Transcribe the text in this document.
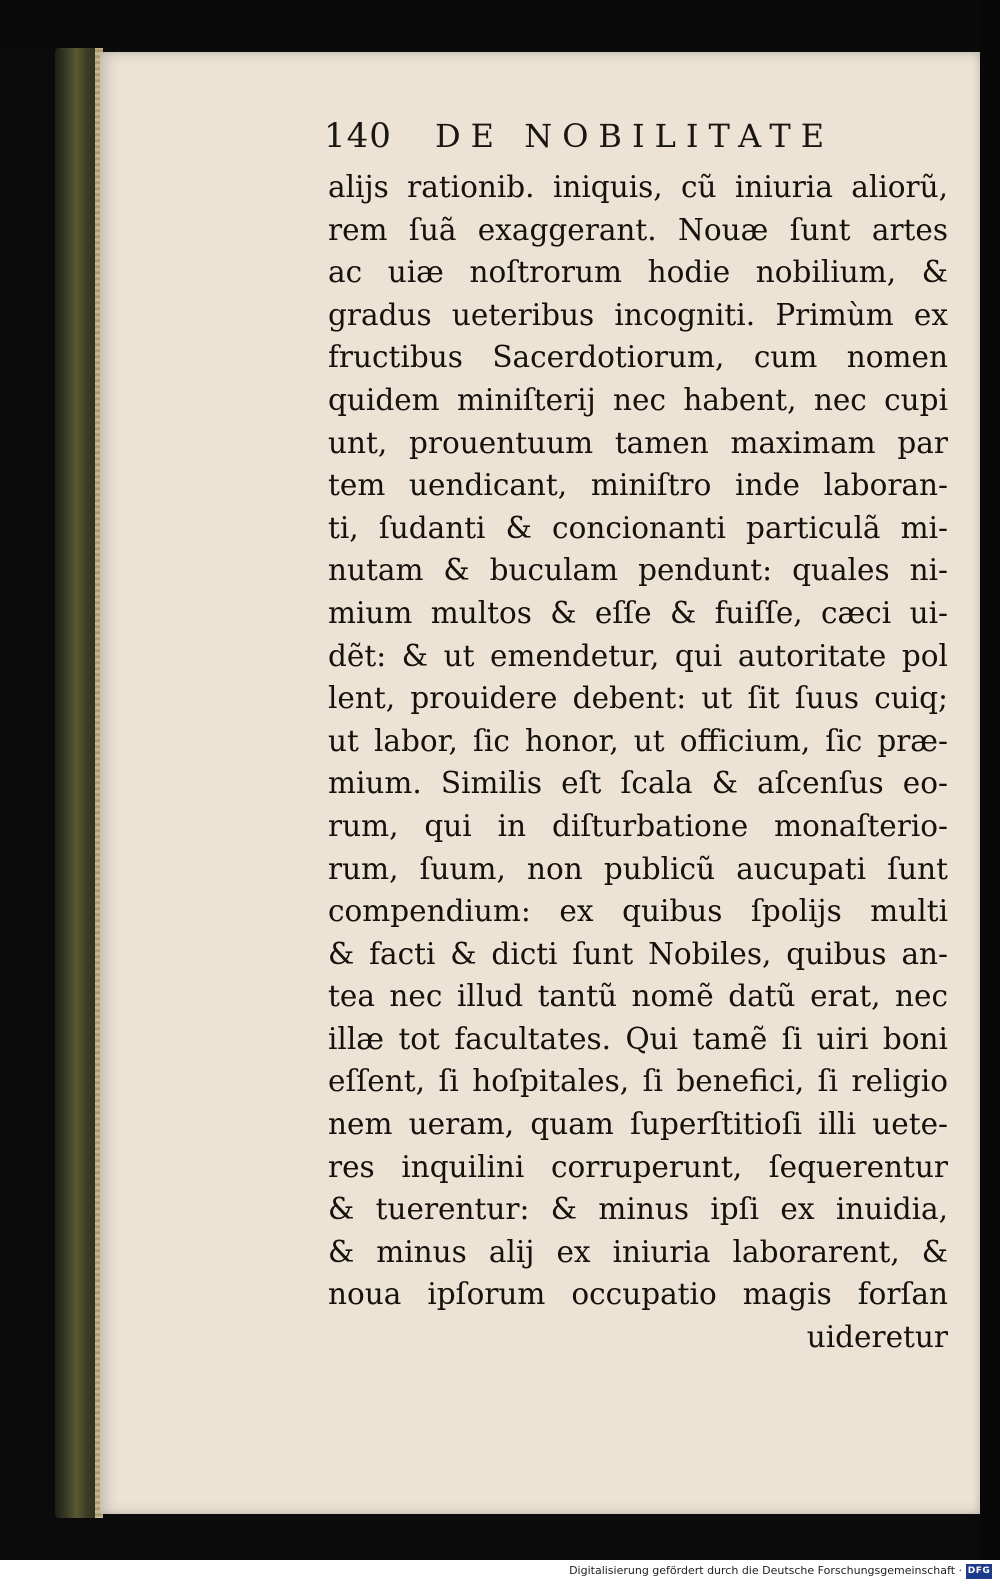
140 DE NOBILITATE
alijs rationib. iniquis, cũ iniuria aliorũ,
rem ſuã exaggerant. Nouæ ſunt artes
ac uiæ noſtrorum hodie nobilium, &
gradus ueteribus incogniti. Primùm ex
fructibus Sacerdotiorum, cum nomen
quidem miniſterij nec habent, nec cupi
unt, prouentuum tamen maximam par
tem uendicant, miniſtro inde laboran-
ti, ſudanti & concionanti particulã mi-
nutam & buculam pendunt: quales ni-
mium multos & eſſe & fuiſſe, cæci ui-
dẽt: & ut emendetur, qui autoritate pol
lent, prouidere debent: ut ſit ſuus cuiq;
ut labor, ſic honor, ut officium, ſic præ-
mium. Similis eſt ſcala & aſcenſus eo-
rum, qui in diſturbatione monaſterio-
rum, ſuum, non publicũ aucupati ſunt
compendium: ex quibus ſpolijs multi
& facti & dicti ſunt Nobiles, quibus an-
tea nec illud tantũ nomẽ datũ erat, nec
illæ tot facultates. Qui tamẽ ſi uiri boni
eſſent, ſi hoſpitales, ſi benefici, ſi religio
nem ueram, quam ſuperſtitioſi illi uete-
res inquilini corruperunt, ſequerentur
& tuerentur: & minus ipſi ex inuidia,
& minus alij ex iniuria laborarent, &
noua ipſorum occupatio magis forſan
uideretur
Digitalisierung gefördert durch die Deutsche Forschungsgemeinschaft · DFG
